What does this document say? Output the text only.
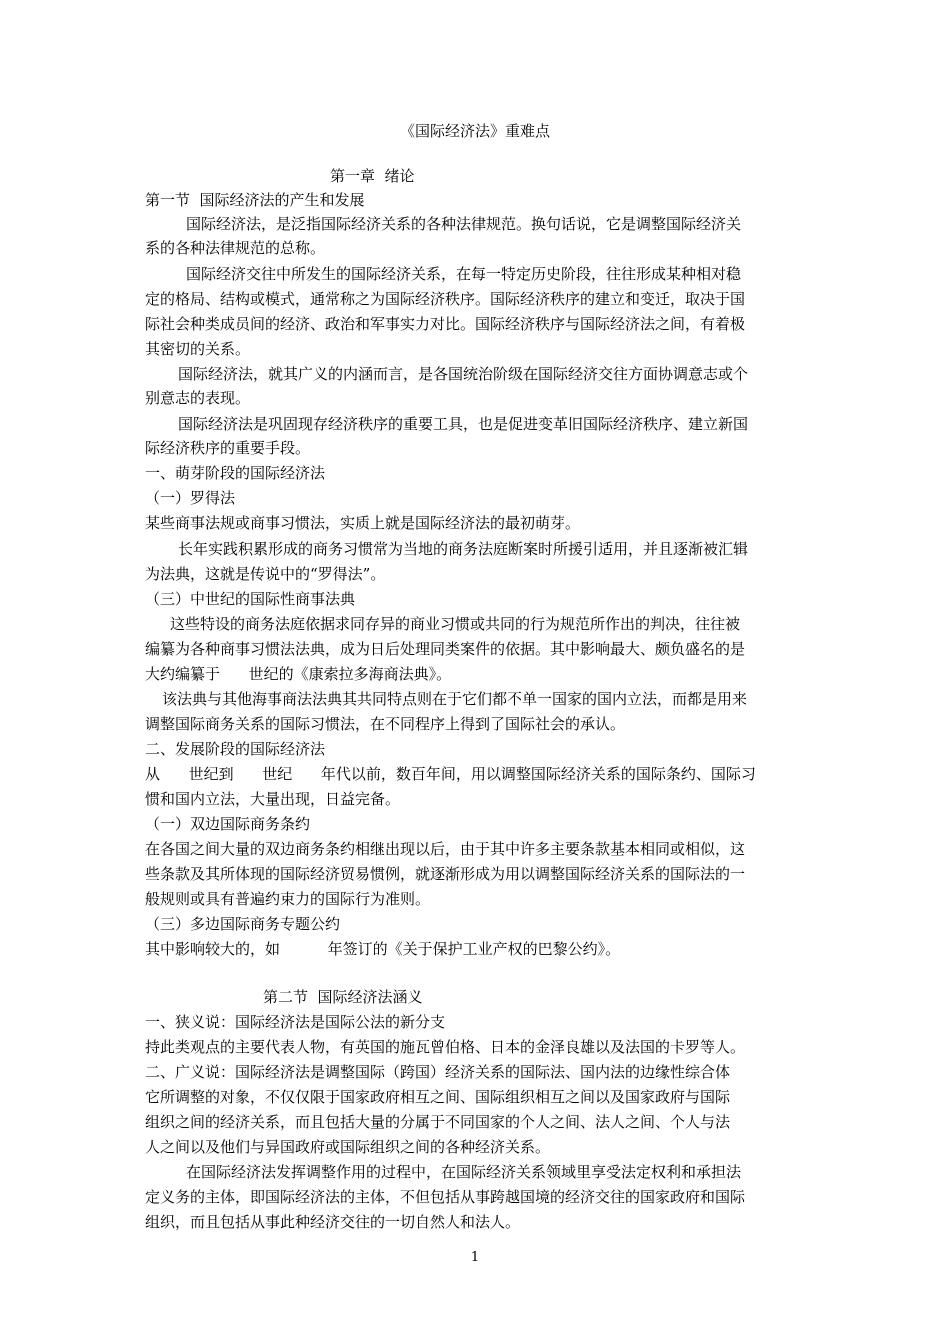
《国际经济法》重难点
第一章  绪论
第一节  国际经济法的产生和发展
国际经济法，是泛指国际经济关系的各种法律规范。换句话说，它是调整国际经济关
系的各种法律规范的总称。
国际经济交往中所发生的国际经济关系，在每一特定历史阶段，往往形成某种相对稳
定的格局、结构或模式，通常称之为国际经济秩序。国际经济秩序的建立和变迁，取决于国
际社会种类成员间的经济、政治和军事实力对比。国际经济秩序与国际经济法之间，有着极
其密切的关系。
国际经济法，就其广义的内涵而言，是各国统治阶级在国际经济交往方面协调意志或个
别意志的表现。
国际经济法是巩固现存经济秩序的重要工具，也是促进变革旧国际经济秩序、建立新国
际经济秩序的重要手段。
一、萌芽阶段的国际经济法
（一）罗得法
某些商事法规或商事习惯法，实质上就是国际经济法的最初萌芽。
长年实践积累形成的商务习惯常为当地的商务法庭断案时所援引适用，并且逐渐被汇辑
为法典，这就是传说中的“罗得法”。
（三）中世纪的国际性商事法典
这些特设的商务法庭依据求同存异的商业习惯或共同的行为规范所作出的判决，往往被
编纂为各种商事习惯法法典，成为日后处理同类案件的依据。其中影响最大、颇负盛名的是
大约编纂于      世纪的《康索拉多海商法典》。
该法典与其他海事商法法典其共同特点则在于它们都不单一国家的国内立法，而都是用来
调整国际商务关系的国际习惯法，在不同程序上得到了国际社会的承认。
二、发展阶段的国际经济法
从      世纪到      世纪      年代以前，数百年间，用以调整国际经济关系的国际条约、国际习
惯和国内立法，大量出现，日益完备。
（一）双边国际商务条约
在各国之间大量的双边商务条约相继出现以后，由于其中许多主要条款基本相同或相似，这
些条款及其所体现的国际经济贸易惯例，就逐渐形成为用以调整国际经济关系的国际法的一
般规则或具有普遍约束力的国际行为准则。
（三）多边国际商务专题公约
其中影响较大的，如          年签订的《关于保护工业产权的巴黎公约》。
第二节  国际经济法涵义
一、狭义说：国际经济法是国际公法的新分支
持此类观点的主要代表人物，有英国的施瓦曾伯格、日本的金泽良雄以及法国的卡罗等人。
二、广义说：国际经济法是调整国际（跨国）经济关系的国际法、国内法的边缘性综合体
它所调整的对象，不仅仅限于国家政府相互之间、国际组织相互之间以及国家政府与国际
组织之间的经济关系，而且包括大量的分属于不同国家的个人之间、法人之间、个人与法
人之间以及他们与异国政府或国际组织之间的各种经济关系。
在国际经济法发挥调整作用的过程中，在国际经济关系领域里享受法定权利和承担法
定义务的主体，即国际经济法的主体，不但包括从事跨越国境的经济交往的国家政府和国际
组织，而且包括从事此种经济交往的一切自然人和法人。
1
